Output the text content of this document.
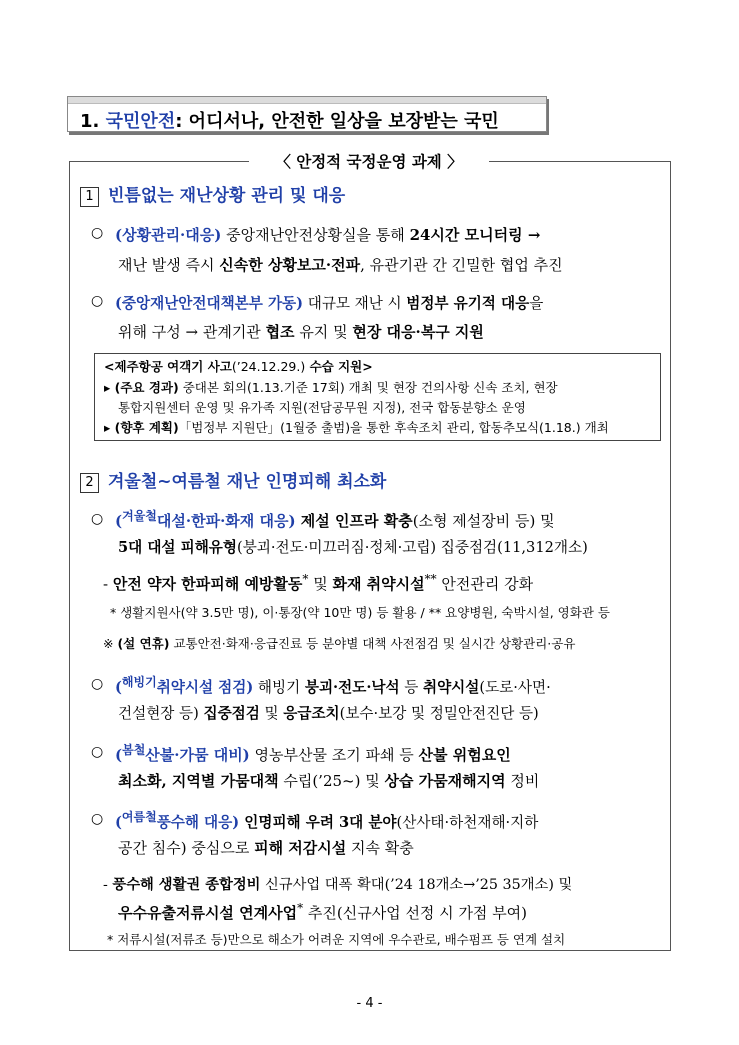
1. 국민안전: 어디서나, 안전한 일상을 보장받는 국민
〈 안정적 국정운영 과제 〉
1 빈틈없는 재난상황 관리 및 대응
○ (상황관리·대응) 중앙재난안전상황실을 통해 24시간 모니터링 →
재난 발생 즉시 신속한 상황보고·전파, 유관기관 간 긴밀한 협업 추진
○ (중앙재난안전대책본부 가동) 대규모 재난 시 범정부 유기적 대응을
위해 구성 → 관계기관 협조 유지 및 현장 대응·복구 지원
<제주항공 여객기 사고(’24.12.29.) 수습 지원>
▸ (주요 경과) 중대본 회의(1.13.기준 17회) 개최 및 현장 건의사항 신속 조치, 현장
통합지원센터 운영 및 유가족 지원(전담공무원 지정), 전국 합동분향소 운영
▸ (향후 계획)「범정부 지원단」(1월중 출범)을 통한 후속조치 관리, 합동추모식(1.18.) 개최
2 겨울철~여름철 재난 인명피해 최소화
○ ($^{겨울철}$대설·한파·화재 대응) 제설 인프라 확충(소형 제설장비 등) 및
5대 대설 피해유형(붕괴·전도·미끄러짐·정체·고립) 집중점검(11,312개소)
- 안전 약자 한파피해 예방활동* 및 화재 취약시설** 안전관리 강화
* 생활지원사(약 3.5만 명), 이·통장(약 10만 명) 등 활용 / ** 요양병원, 숙박시설, 영화관 등
※ (설 연휴) 교통안전·화재·응급진료 등 분야별 대책 사전점검 및 실시간 상황관리·공유
○ ($^{해빙기}$취약시설 점검) 해빙기 붕괴·전도·낙석 등 취약시설(도로·사면·
건설현장 등) 집중점검 및 응급조치(보수·보강 및 정밀안전진단 등)
○ ($^{봄철}$산불·가뭄 대비) 영농부산물 조기 파쇄 등 산불 위험요인
최소화, 지역별 가뭄대책 수립(’25~) 및 상습 가뭄재해지역 정비
○ ($^{여름철}$풍수해 대응) 인명피해 우려 3대 분야(산사태·하천재해·지하
공간 침수) 중심으로 피해 저감시설 지속 확충
- 풍수해 생활권 종합정비 신규사업 대폭 확대(’24 18개소→’25 35개소) 및
우수유출저류시설 연계사업* 추진(신규사업 선정 시 가점 부여)
* 저류시설(저류조 등)만으로 해소가 어려운 지역에 우수관로, 배수펌프 등 연계 설치
- 4 -
